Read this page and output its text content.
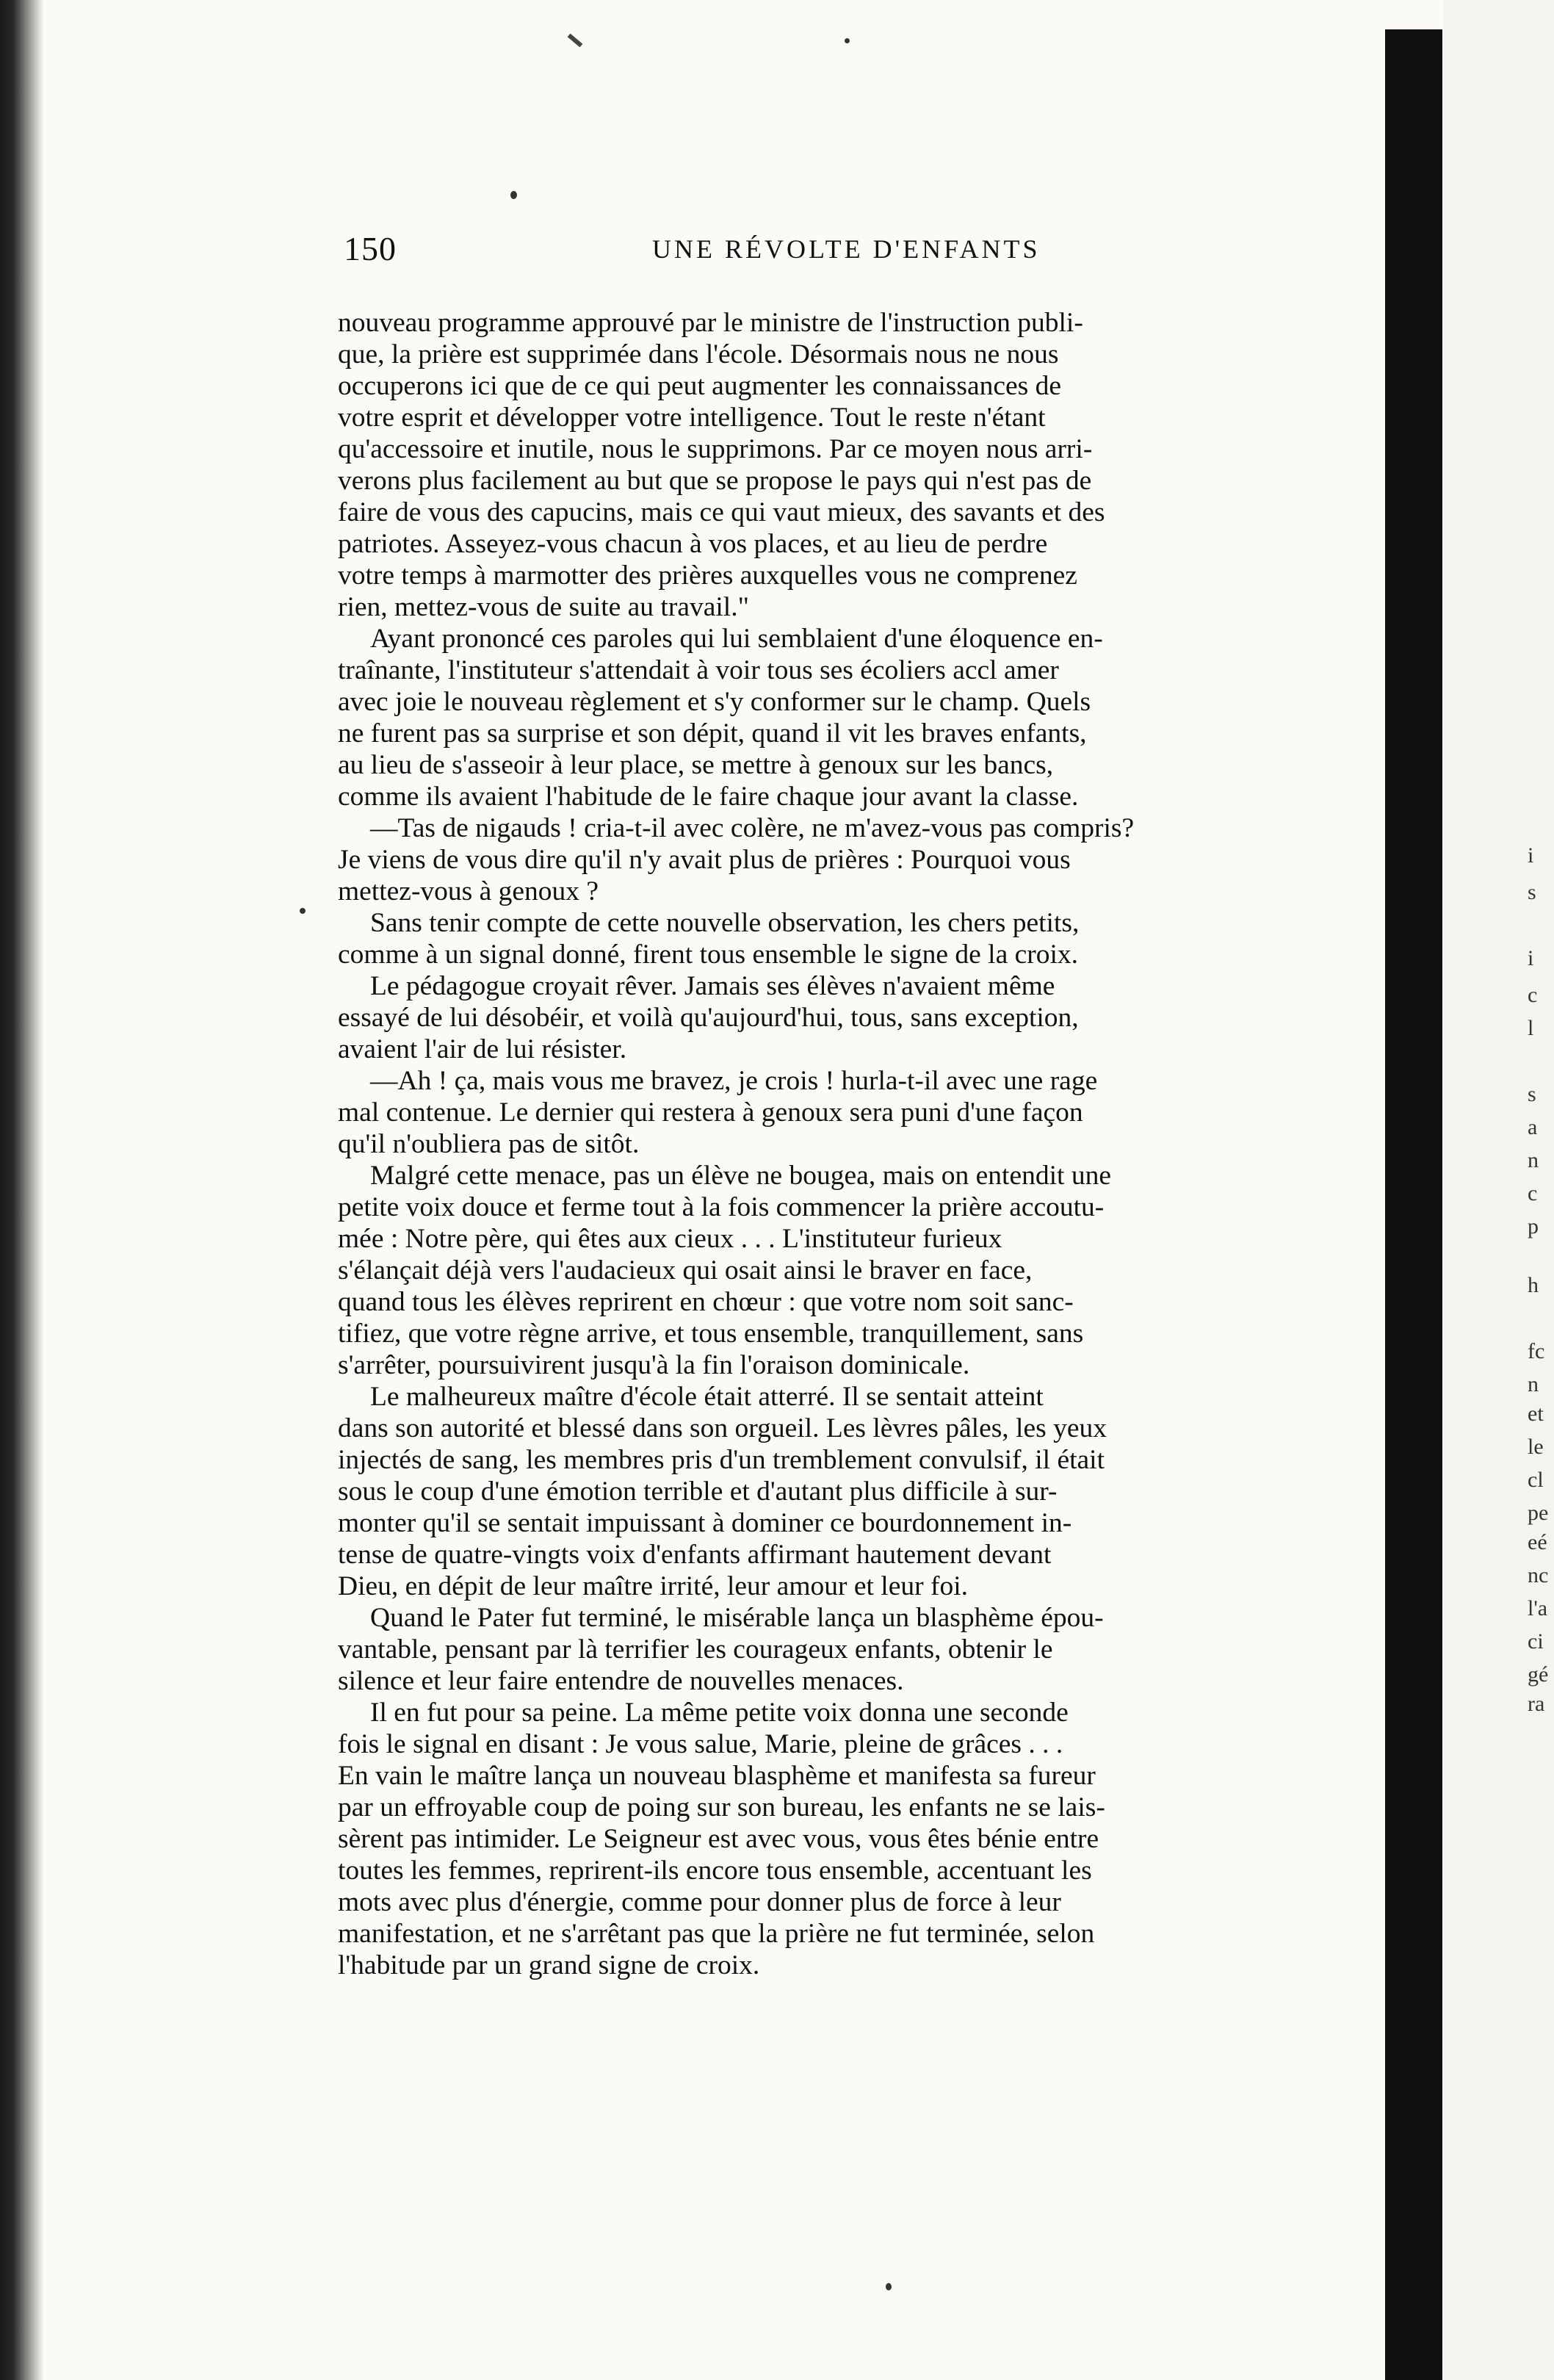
150	UNE RÉVOLTE D'ENFANTS
nouveau programme approuvé par le ministre de l'instruction publi-
que, la prière est supprimée dans l'école. Désormais nous ne nous
occuperons ici que de ce qui peut augmenter les connaissances de
votre esprit et développer votre intelligence. Tout le reste n'étant
qu'accessoire et inutile, nous le supprimons. Par ce moyen nous arri-
verons plus facilement au but que se propose le pays qui n'est pas de
faire de vous des capucins, mais ce qui vaut mieux, des savants et des
patriotes. Asseyez-vous chacun à vos places, et au lieu de perdre
votre temps à marmotter des prières auxquelles vous ne comprenez
rien, mettez-vous de suite au travail."
Ayant prononcé ces paroles qui lui semblaient d'une éloquence en-
traînante, l'instituteur s'attendait à voir tous ses écoliers accl amer
avec joie le nouveau règlement et s'y conformer sur le champ. Quels
ne furent pas sa surprise et son dépit, quand il vit les braves enfants,
au lieu de s'asseoir à leur place, se mettre à genoux sur les bancs,
comme ils avaient l'habitude de le faire chaque jour avant la classe.
—Tas de nigauds ! cria-t-il avec colère, ne m'avez-vous pas compris?
Je viens de vous dire qu'il n'y avait plus de prières : Pourquoi vous
mettez-vous à genoux ?
Sans tenir compte de cette nouvelle observation, les chers petits,
comme à un signal donné, firent tous ensemble le signe de la croix.
Le pédagogue croyait rêver. Jamais ses élèves n'avaient même
essayé de lui désobéir, et voilà qu'aujourd'hui, tous, sans exception,
avaient l'air de lui résister.
—Ah ! ça, mais vous me bravez, je crois ! hurla-t-il avec une rage
mal contenue. Le dernier qui restera à genoux sera puni d'une façon
qu'il n'oubliera pas de sitôt.
Malgré cette menace, pas un élève ne bougea, mais on entendit une
petite voix douce et ferme tout à la fois commencer la prière accoutu-
mée : Notre père, qui êtes aux cieux . . . L'instituteur furieux
s'élançait déjà vers l'audacieux qui osait ainsi le braver en face,
quand tous les élèves reprirent en chœur : que votre nom soit sanc-
tifiez, que votre règne arrive, et tous ensemble, tranquillement, sans
s'arrêter, poursuivirent jusqu'à la fin l'oraison dominicale.
Le malheureux maître d'école était atterré. Il se sentait atteint
dans son autorité et blessé dans son orgueil. Les lèvres pâles, les yeux
injectés de sang, les membres pris d'un tremblement convulsif, il était
sous le coup d'une émotion terrible et d'autant plus difficile à sur-
monter qu'il se sentait impuissant à dominer ce bourdonnement in-
tense de quatre-vingts voix d'enfants affirmant hautement devant
Dieu, en dépit de leur maître irrité, leur amour et leur foi.
Quand le Pater fut terminé, le misérable lança un blasphème épou-
vantable, pensant par là terrifier les courageux enfants, obtenir le
silence et leur faire entendre de nouvelles menaces.
Il en fut pour sa peine. La même petite voix donna une seconde
fois le signal en disant : Je vous salue, Marie, pleine de grâces . . .
En vain le maître lança un nouveau blasphème et manifesta sa fureur
par un effroyable coup de poing sur son bureau, les enfants ne se lais-
sèrent pas intimider. Le Seigneur est avec vous, vous êtes bénie entre
toutes les femmes, reprirent-ils encore tous ensemble, accentuant les
mots avec plus d'énergie, comme pour donner plus de force à leur
manifestation, et ne s'arrêtant pas que la prière ne fut terminée, selon
l'habitude par un grand signe de croix.
i
s
i
c
l
s
a
n
c
p
h
fc
n
et
le
cl
pe
eé
nc
l'a
ci
gé
ra
